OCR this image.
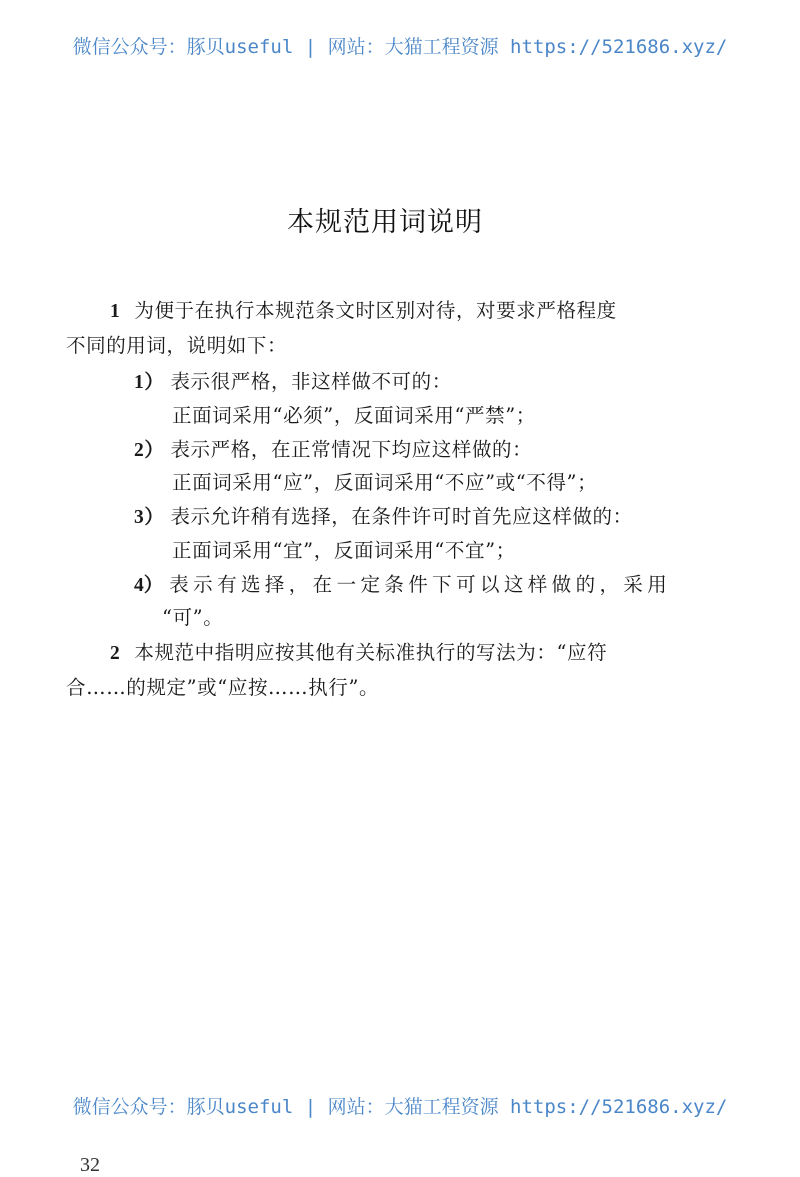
微信公众号：豚贝useful | 网站：大猫工程资源 https://521686.xyz/
本规范用词说明
1 为便于在执行本规范条文时区别对待，对要求严格程度
不同的用词，说明如下：
1） 表示很严格，非这样做不可的：
正面词采用“必须”，反面词采用“严禁”；
2） 表示严格，在正常情况下均应这样做的：
正面词采用“应”，反面词采用“不应”或“不得”；
3） 表示允许稍有选择，在条件许可时首先应这样做的：
正面词采用“宜”，反面词采用“不宜”；
4） 表示有选择，在一定条件下可以这样做的，采用
“可”。
2 本规范中指明应按其他有关标准执行的写法为：“应符
合……的规定”或“应按……执行”。
微信公众号：豚贝useful | 网站：大猫工程资源 https://521686.xyz/
32
